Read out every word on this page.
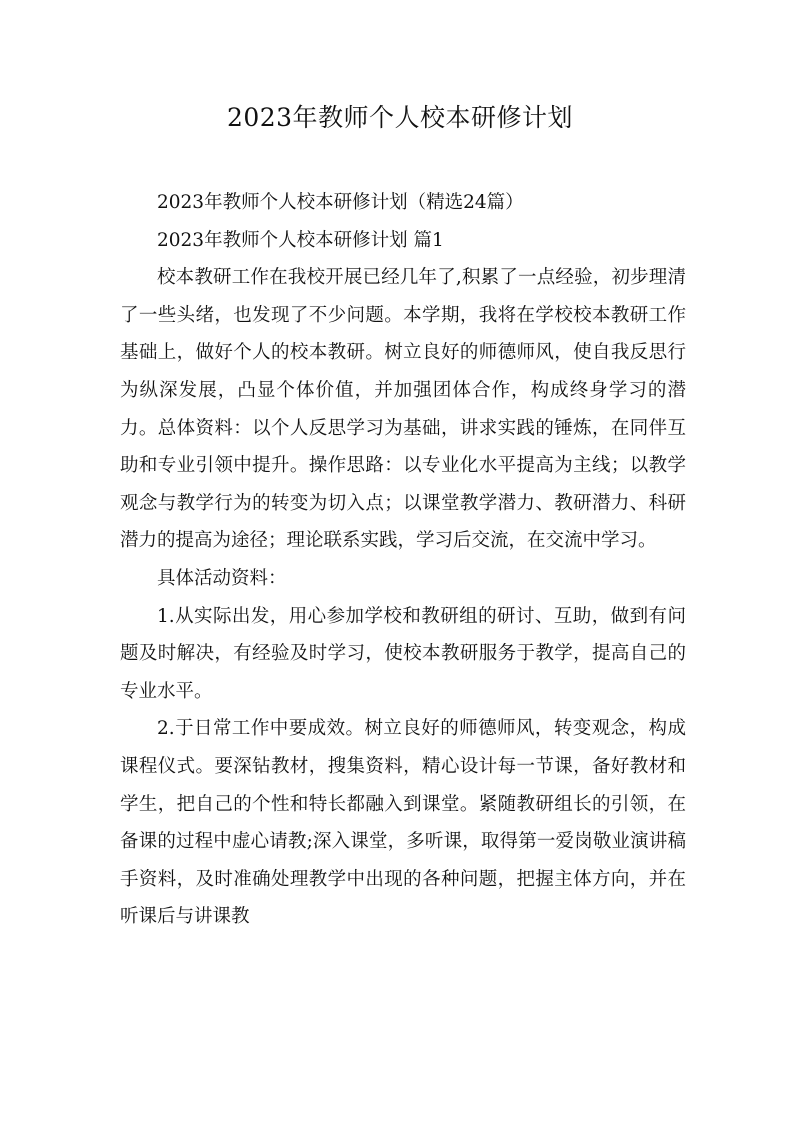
2023年教师个人校本研修计划

2023年教师个人校本研修计划（精选24篇）

2023年教师个人校本研修计划 篇1

校本教研工作在我校开展已经几年了,积累了一点经验，初步理清了一些头绪，也发现了不少问题。本学期，我将在学校校本教研工作基础上，做好个人的校本教研。树立良好的师德师风，使自我反思行为纵深发展，凸显个体价值，并加强团体合作，构成终身学习的潜力。总体资料：以个人反思学习为基础，讲求实践的锤炼，在同伴互助和专业引领中提升。操作思路：以专业化水平提高为主线；以教学观念与教学行为的转变为切入点；以课堂教学潜力、教研潜力、科研潜力的提高为途径；理论联系实践，学习后交流，在交流中学习。

具体活动资料：

1.从实际出发，用心参加学校和教研组的研讨、互助，做到有问题及时解决，有经验及时学习，使校本教研服务于教学，提高自己的专业水平。

2.于日常工作中要成效。树立良好的师德师风，转变观念，构成课程仪式。要深钻教材，搜集资料，精心设计每一节课，备好教材和学生，把自己的个性和特长都融入到课堂。紧随教研组长的引领，在备课的过程中虚心请教;深入课堂，多听课，取得第一爱岗敬业演讲稿手资料，及时准确处理教学中出现的各种问题，把握主体方向，并在听课后与讲课教
